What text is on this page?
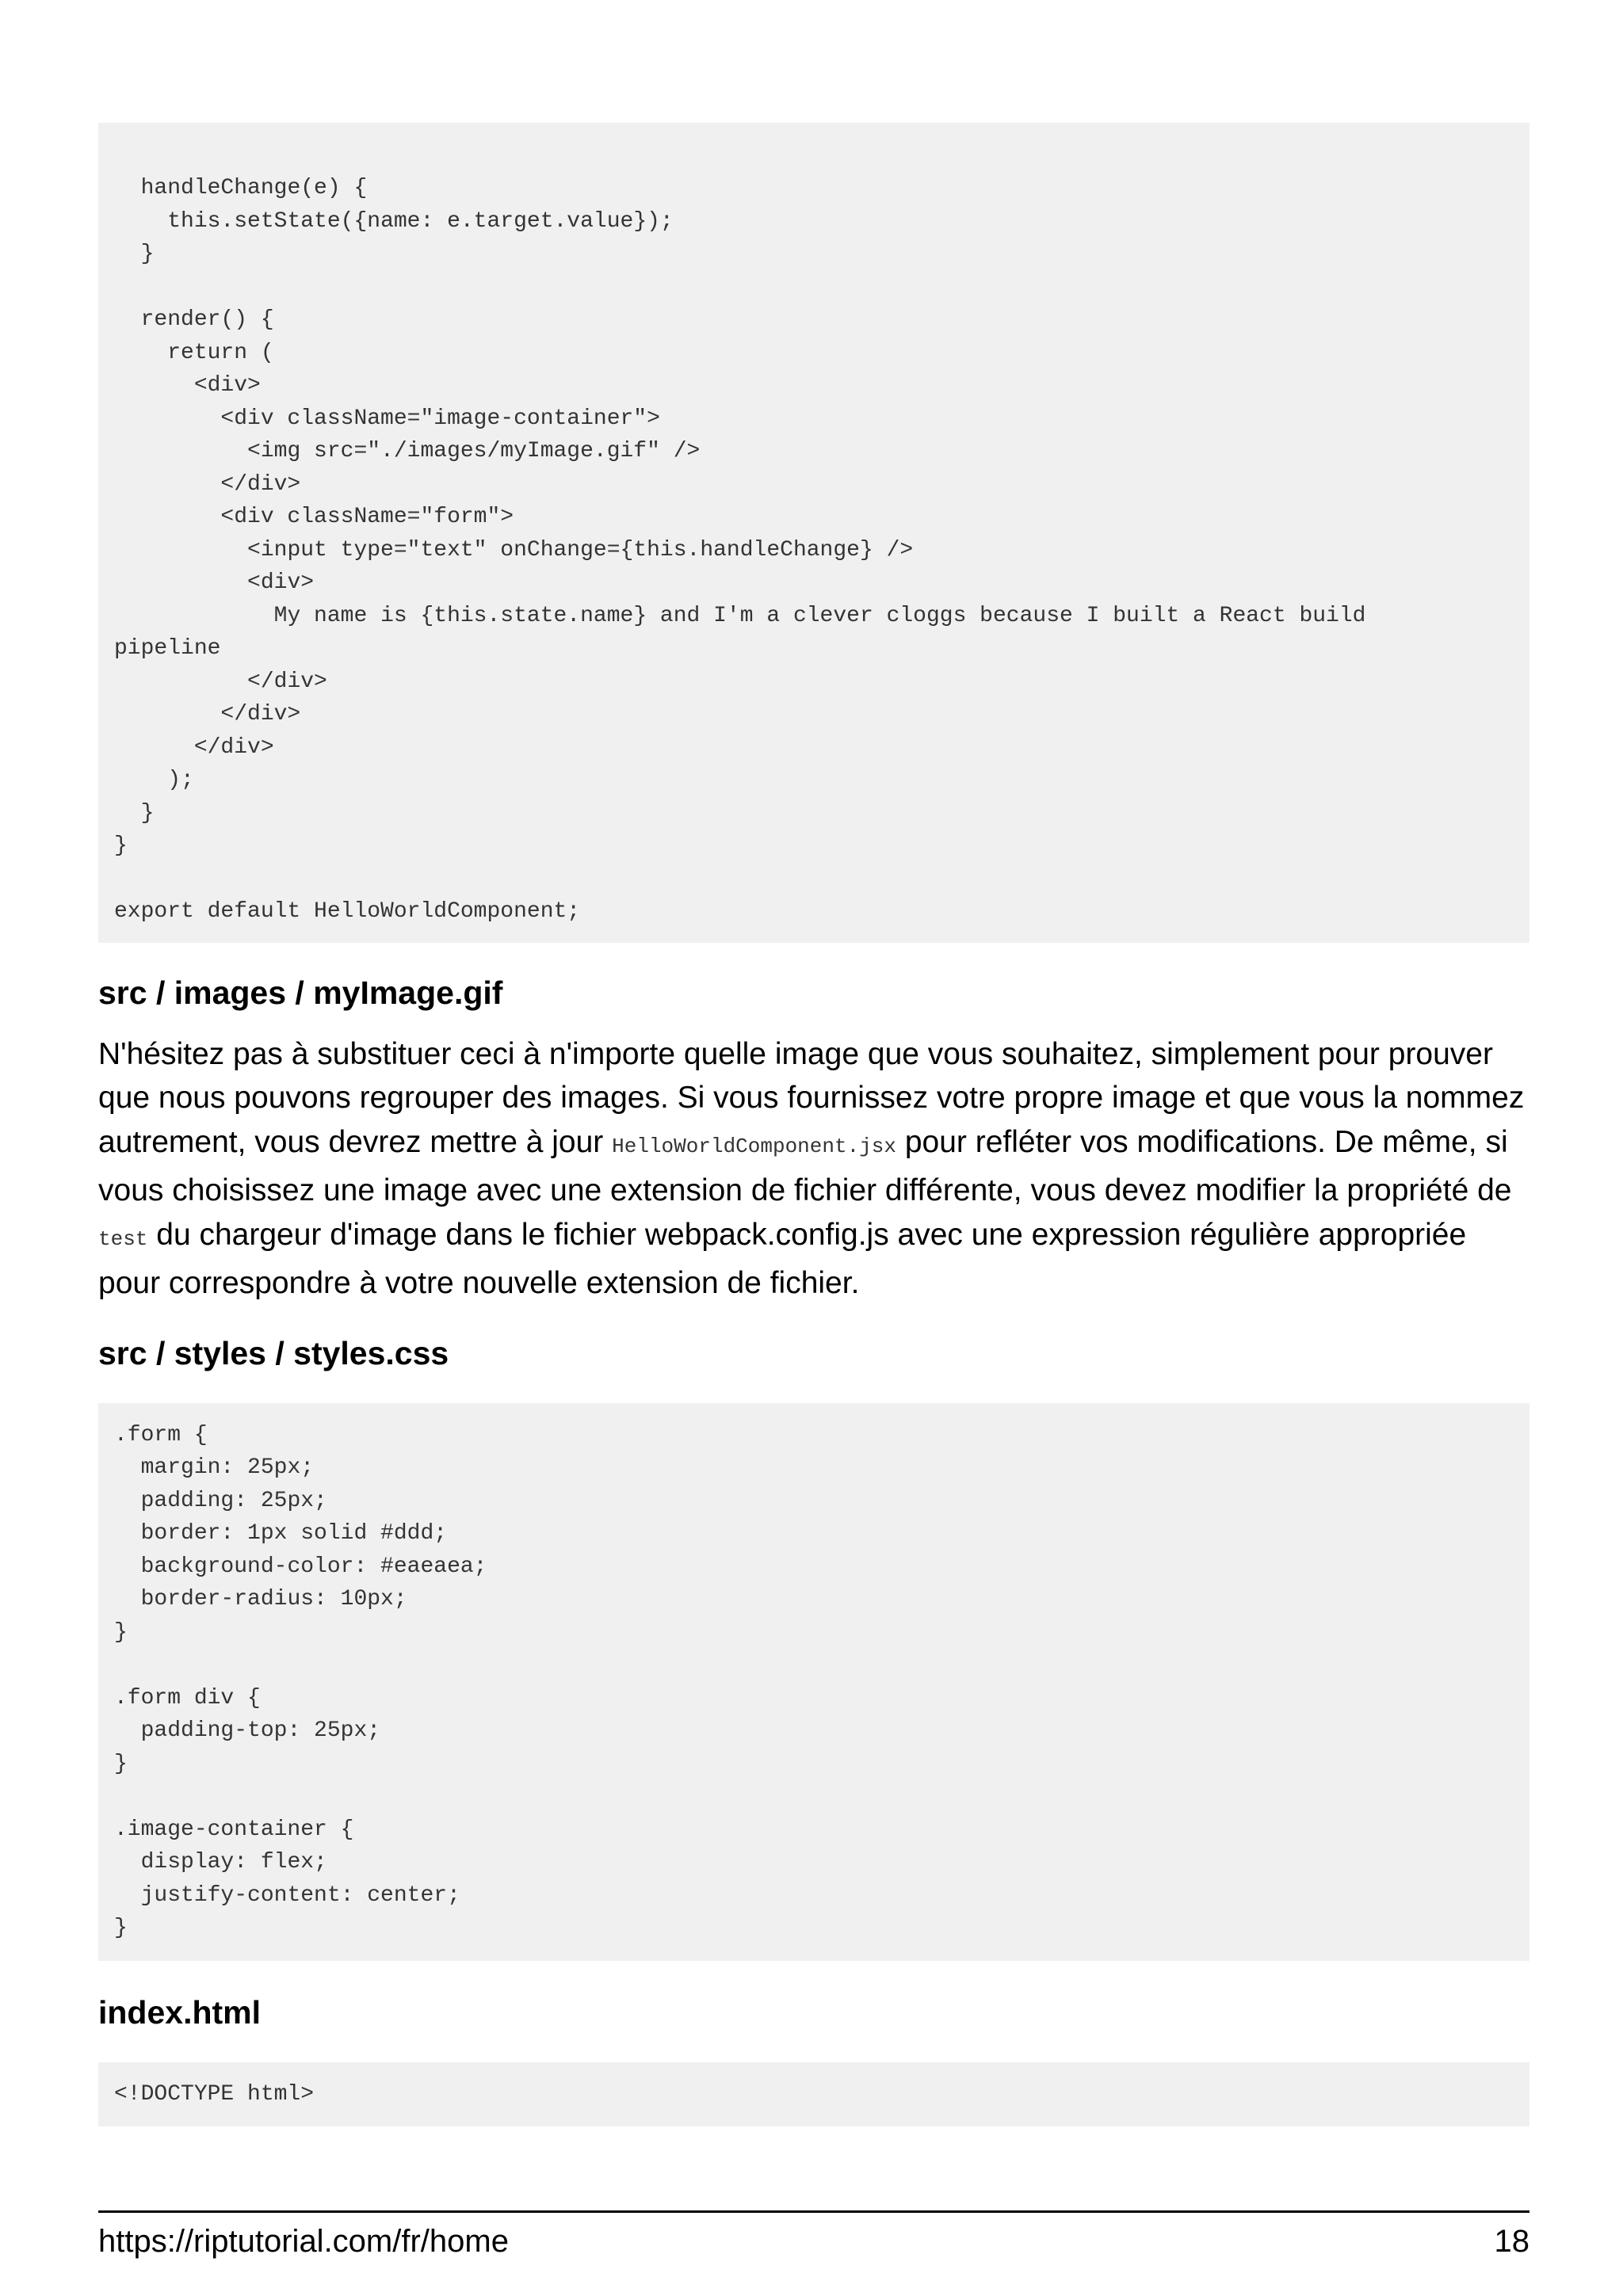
handleChange(e) {
this.setState({name: e.target.value});
}

render() {
return (
<div>
<div className="image-container">
<img src="./images/myImage.gif" />
</div>
<div className="form">
<input type="text" onChange={this.handleChange} />
<div>
My name is {this.state.name} and I'm a clever cloggs because I built a React build
pipeline
</div>
</div>
</div>
);
}
}

export default HelloWorldComponent;
src / images / myImage.gif

N'hésitez pas à substituer ceci à n'importe quelle image que vous souhaitez, simplement pour prouver que nous pouvons regrouper des images. Si vous fournissez votre propre image et que vous la nommez autrement, vous devrez mettre à jour HelloWorldComponent.jsx pour refléter vos modifications. De même, si vous choisissez une image avec une extension de fichier différente, vous devez modifier la propriété de test du chargeur d'image dans le fichier webpack.config.js avec une expression régulière appropriée pour correspondre à votre nouvelle extension de fichier.

src / styles / styles.css
.form {
margin: 25px;
padding: 25px;
border: 1px solid #ddd;
background-color: #eaeaea;
border-radius: 10px;
}

.form div {
padding-top: 25px;
}

.image-container {
display: flex;
justify-content: center;
}
index.html
<!DOCTYPE html>
https://riptutorial.com/fr/home	18
